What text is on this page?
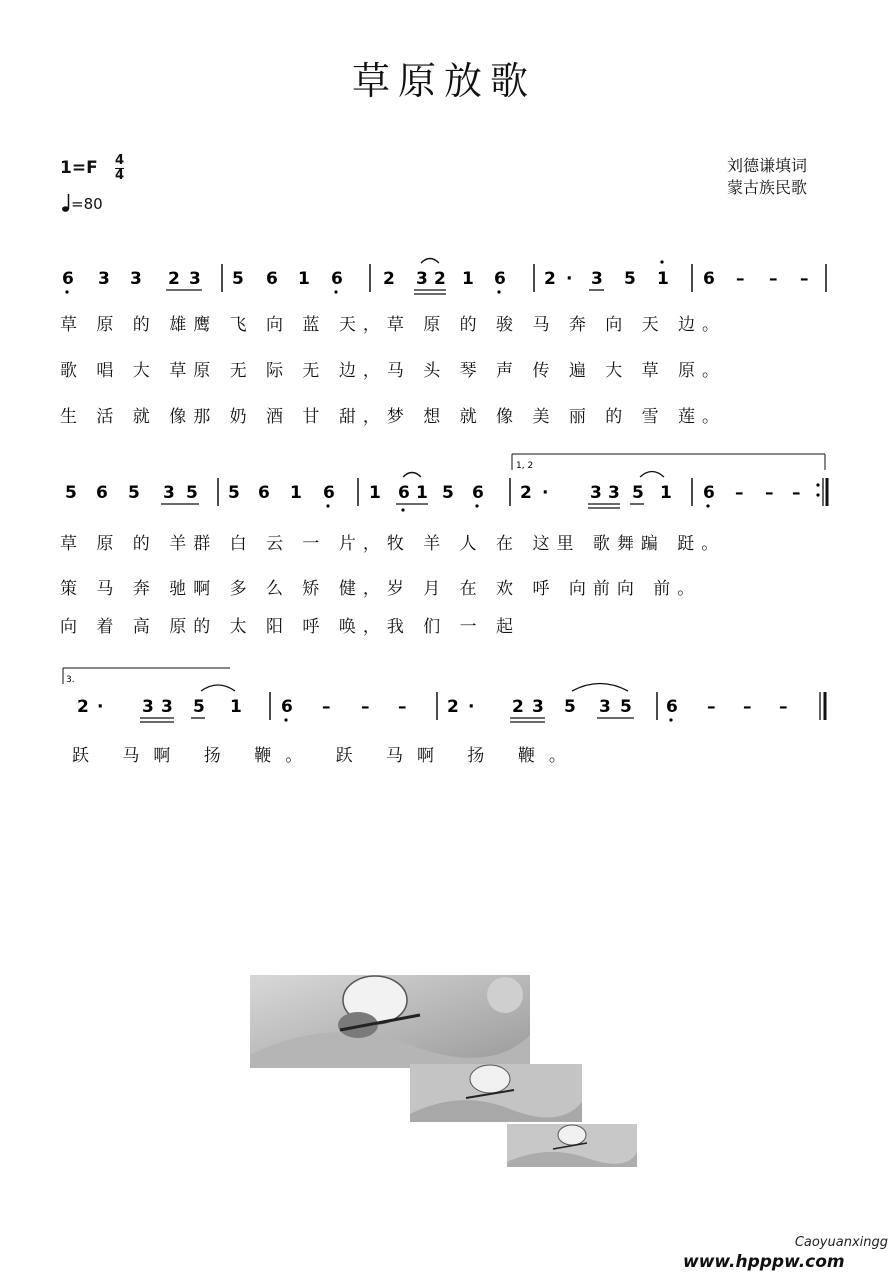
草原放歌
$1=F \frac{4}{4}$
=80
刘德谦填词
蒙古族民歌
6 3 3 2 3 5 6 1 6 2 3 2 1 6 2 · 3 5 1 6 – – –
5 6 5 3 5 5 6 1 6 1 6 1 5 6
1, 2
2 · 3 3 5 1 6 – – –
3.
2 · 3 3 5 1 6 – – – 2 · 2 3 5 3 5 6 – – –
草 原 的 雄鹰 飞 向 蓝 天，草 原 的 骏 马 奔 向 天 边。
歌 唱 大 草原 无 际 无 边，马 头 琴 声 传 遍 大 草 原。
生 活 就 像那 奶 酒 甘 甜，梦 想 就 像 美 丽 的 雪 莲。
草 原 的 羊群 白 云 一 片，牧 羊 人 在 这里 歌舞蹁 跹。
策 马 奔 驰啊 多 么 矫 健，岁 月 在 欢 呼 向前向 前。
向 着 高 原的 太 阳 呼 唤，我 们 一 起
跃 马啊 扬 鞭。 跃 马啊 扬 鞭。
Caoyuanxingg
www.hpppw.com
